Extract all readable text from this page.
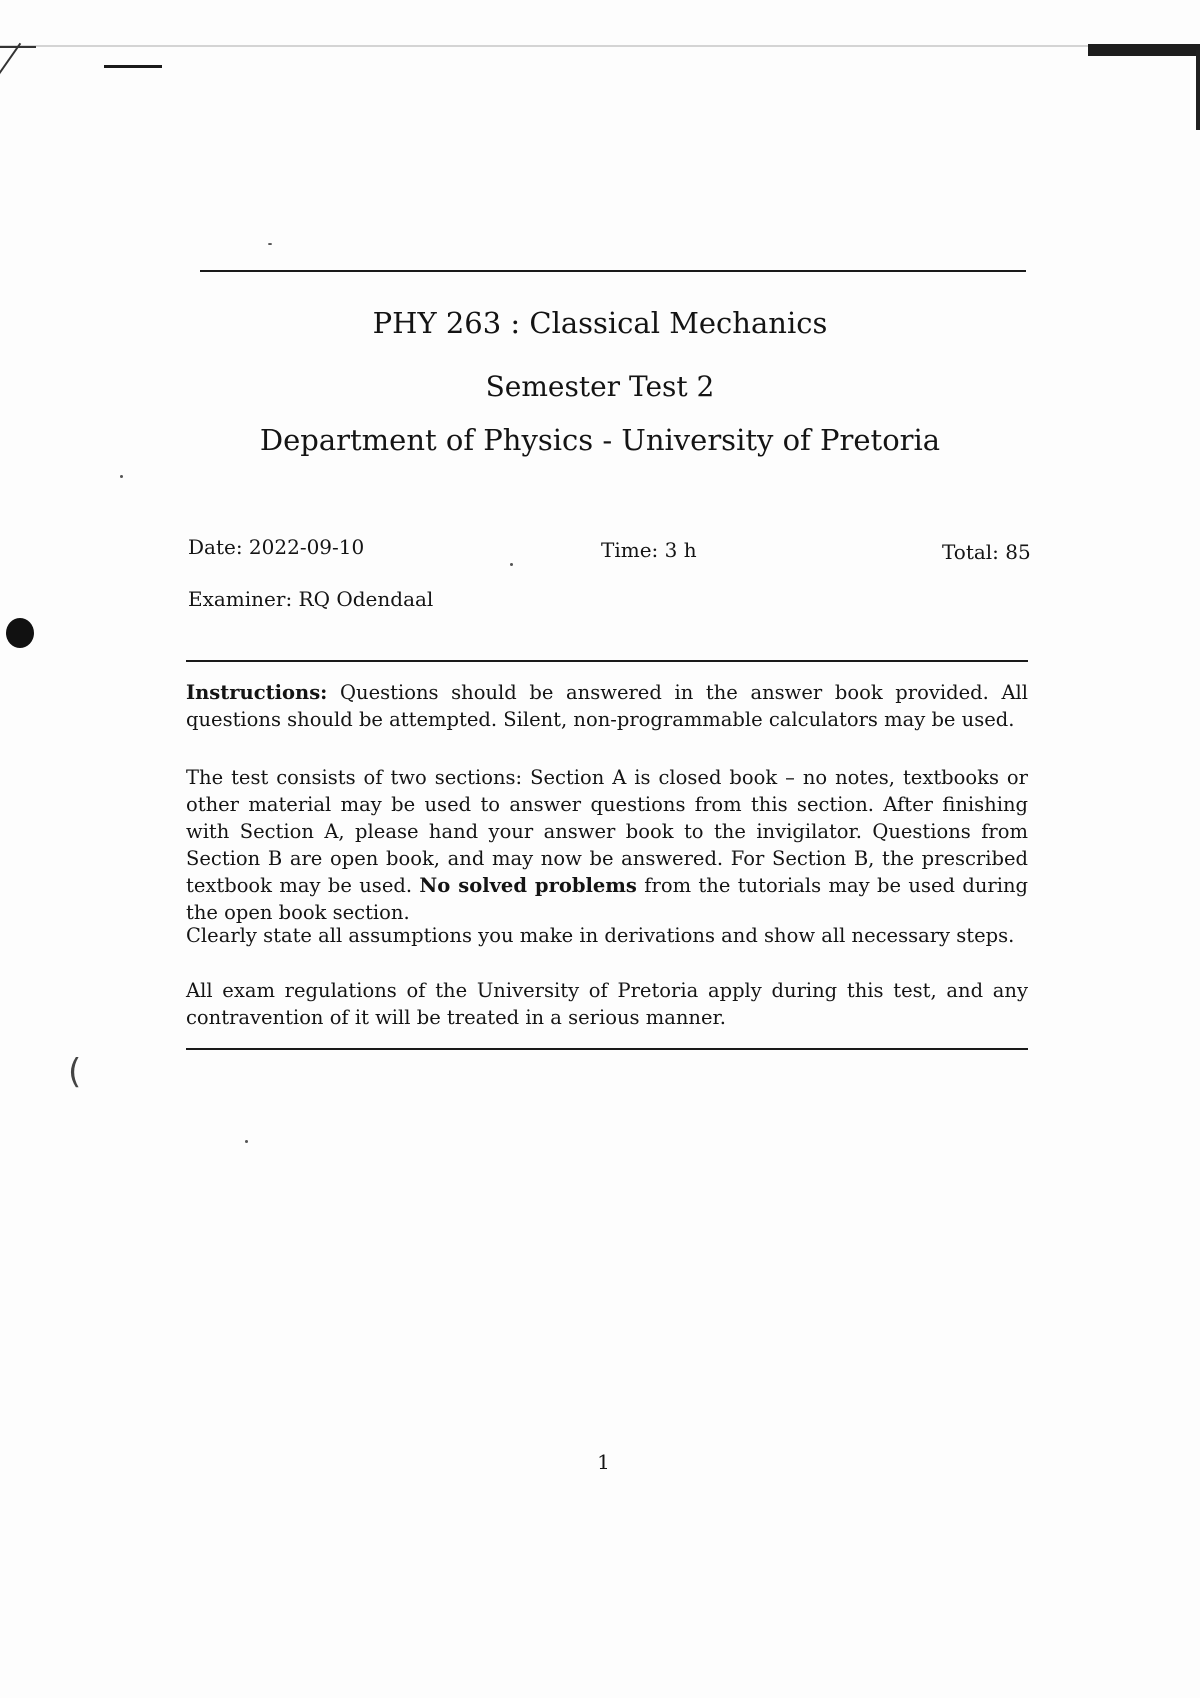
(
PHY 263 : Classical Mechanics
Semester Test 2
Department of Physics - University of Pretoria
Date: 2022-09-10	Time: 3 h	Total: 85
Examiner: RQ Odendaal
Instructions: Questions should be answered in the answer book provided. All questions should be attempted. Silent, non-programmable calculators may be used.
The test consists of two sections: Section A is closed book – no notes, textbooks or other material may be used to answer questions from this section. After finishing with Section A, please hand your answer book to the invigilator. Questions from Section B are open book, and may now be answered. For Section B, the prescribed textbook may be used. No solved problems from the tutorials may be used during the open book section.
Clearly state all assumptions you make in derivations and show all necessary steps.
All exam regulations of the University of Pretoria apply during this test, and any contravention of it will be treated in a serious manner.
1
